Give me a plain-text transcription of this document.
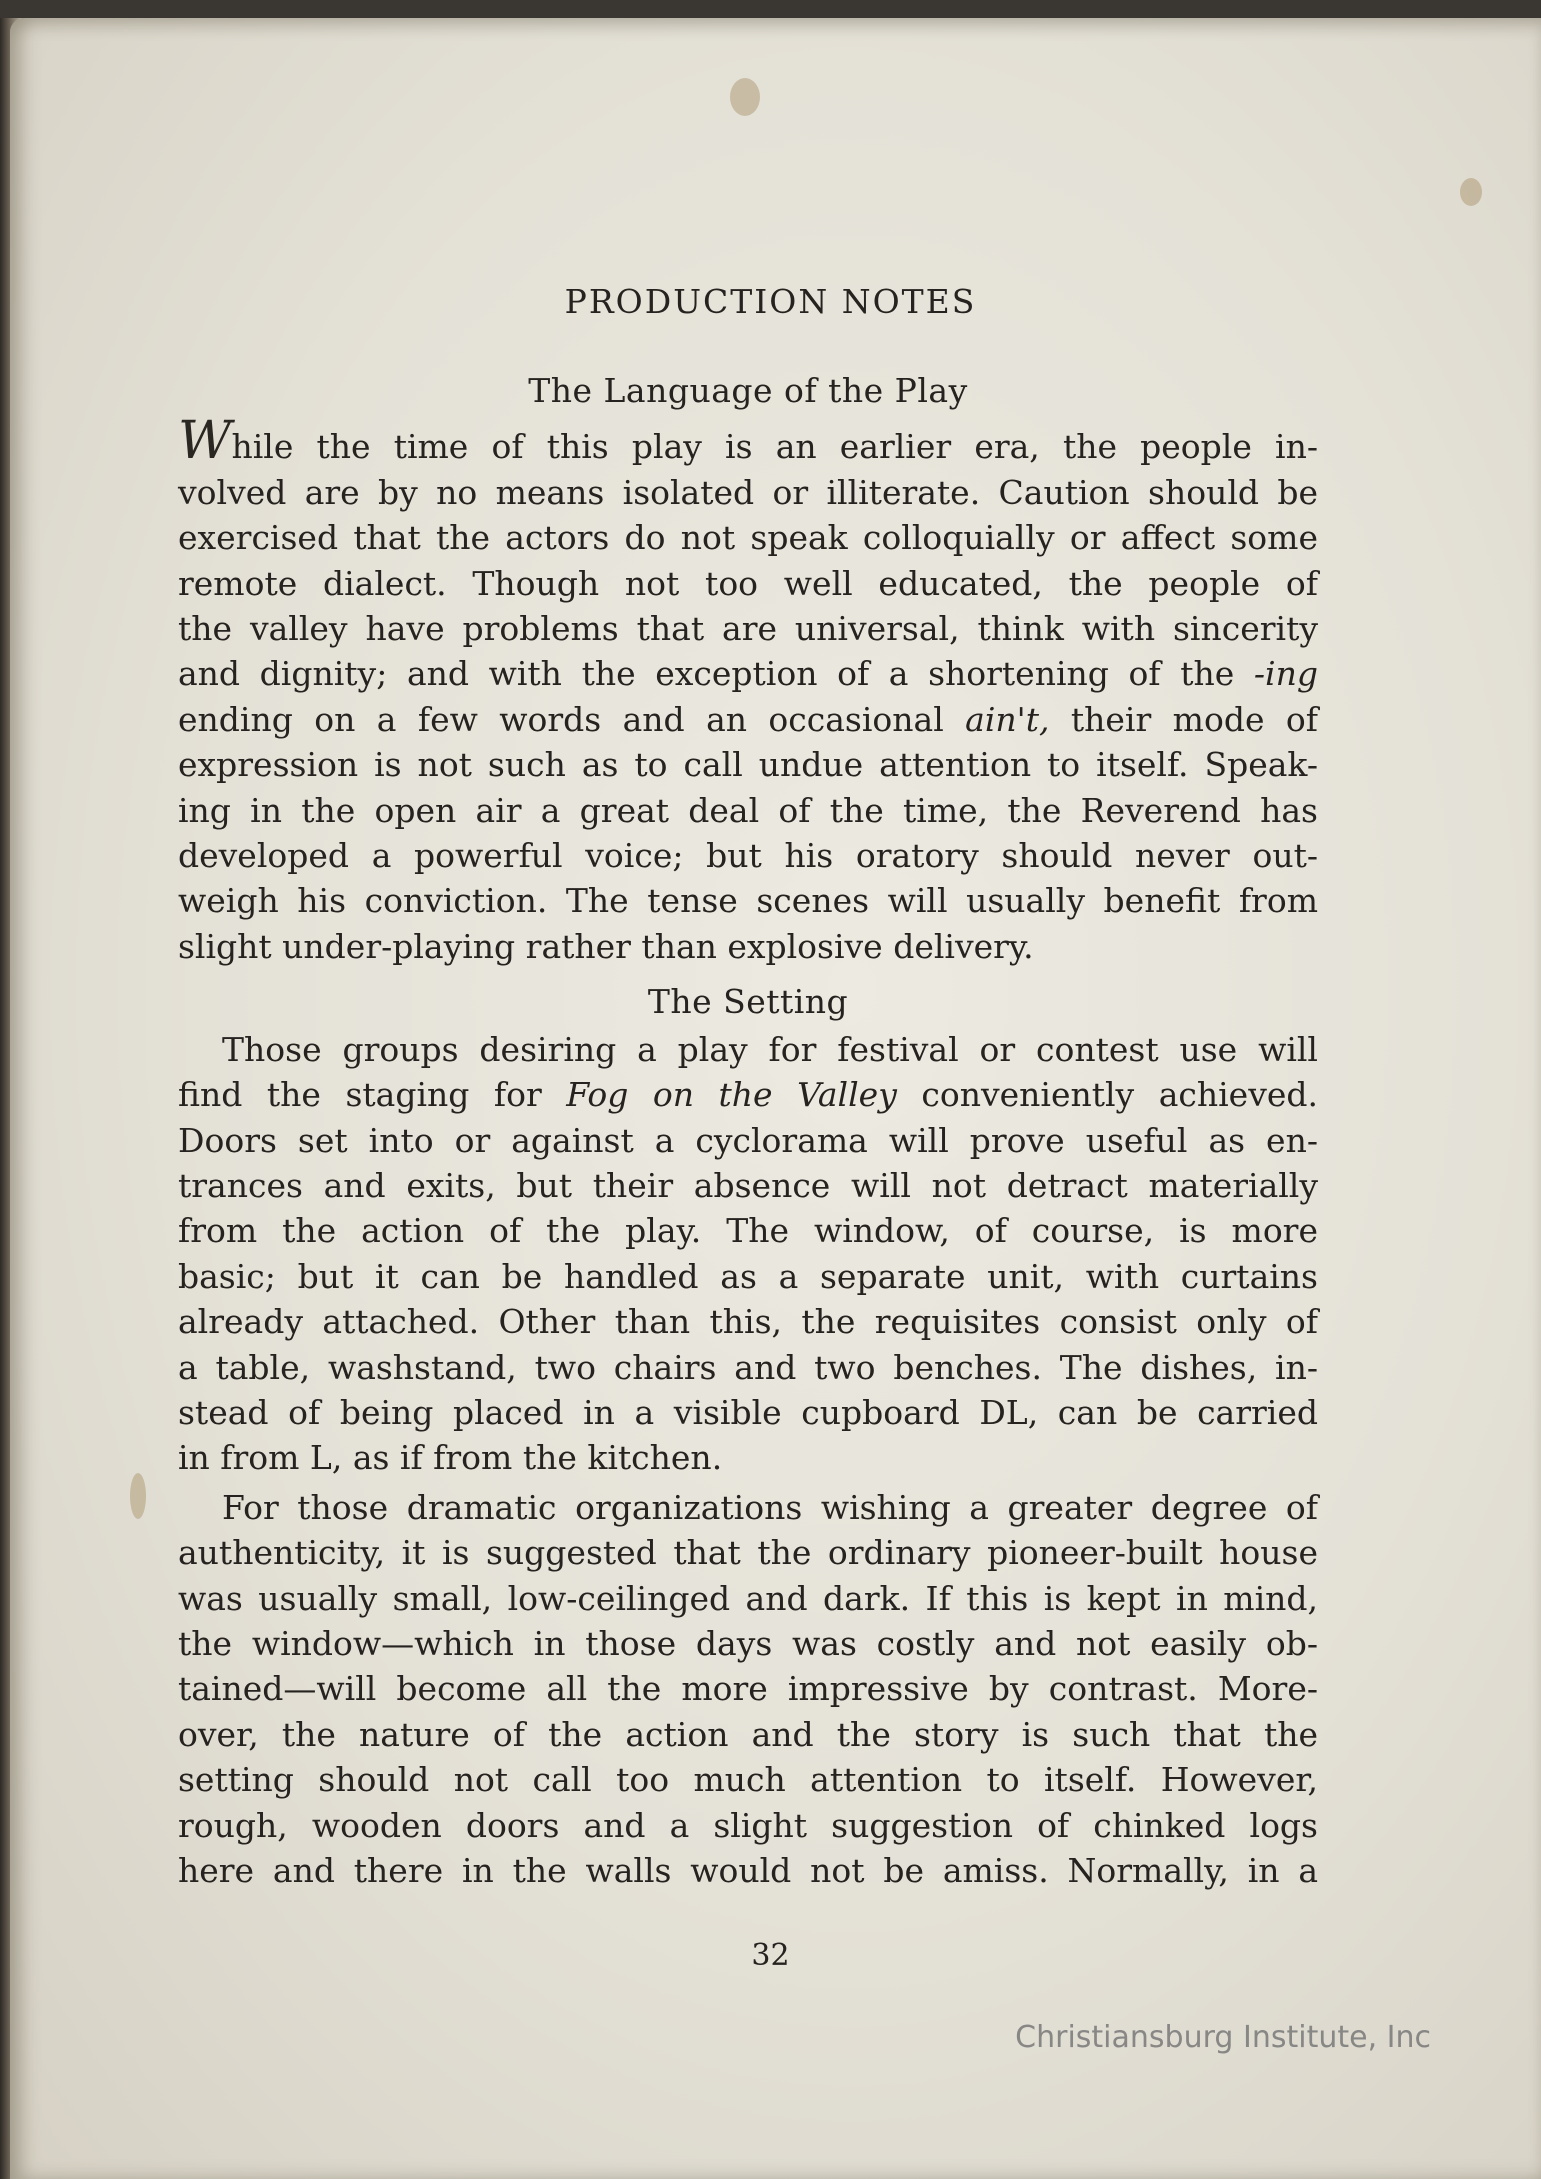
PRODUCTION NOTES
The Language of the Play
While the time of this play is an earlier era, the people in-
volved are by no means isolated or illiterate. Caution should be
exercised that the actors do not speak colloquially or affect some
remote dialect. Though not too well educated, the people of
the valley have problems that are universal, think with sincerity
and dignity; and with the exception of a shortening of the -ing
ending on a few words and an occasional ain't, their mode of
expression is not such as to call undue attention to itself. Speak-
ing in the open air a great deal of the time, the Reverend has
developed a powerful voice; but his oratory should never out-
weigh his conviction. The tense scenes will usually benefit from
slight under-playing rather than explosive delivery.
The Setting
Those groups desiring a play for festival or contest use will
find the staging for Fog on the Valley conveniently achieved.
Doors set into or against a cyclorama will prove useful as en-
trances and exits, but their absence will not detract materially
from the action of the play. The window, of course, is more
basic; but it can be handled as a separate unit, with curtains
already attached. Other than this, the requisites consist only of
a table, washstand, two chairs and two benches. The dishes, in-
stead of being placed in a visible cupboard DL, can be carried
in from L, as if from the kitchen.
For those dramatic organizations wishing a greater degree of
authenticity, it is suggested that the ordinary pioneer-built house
was usually small, low-ceilinged and dark. If this is kept in mind,
the window—which in those days was costly and not easily ob-
tained—will become all the more impressive by contrast. More-
over, the nature of the action and the story is such that the
setting should not call too much attention to itself. However,
rough, wooden doors and a slight suggestion of chinked logs
here and there in the walls would not be amiss. Normally, in a
32
Christiansburg Institute, Inc
